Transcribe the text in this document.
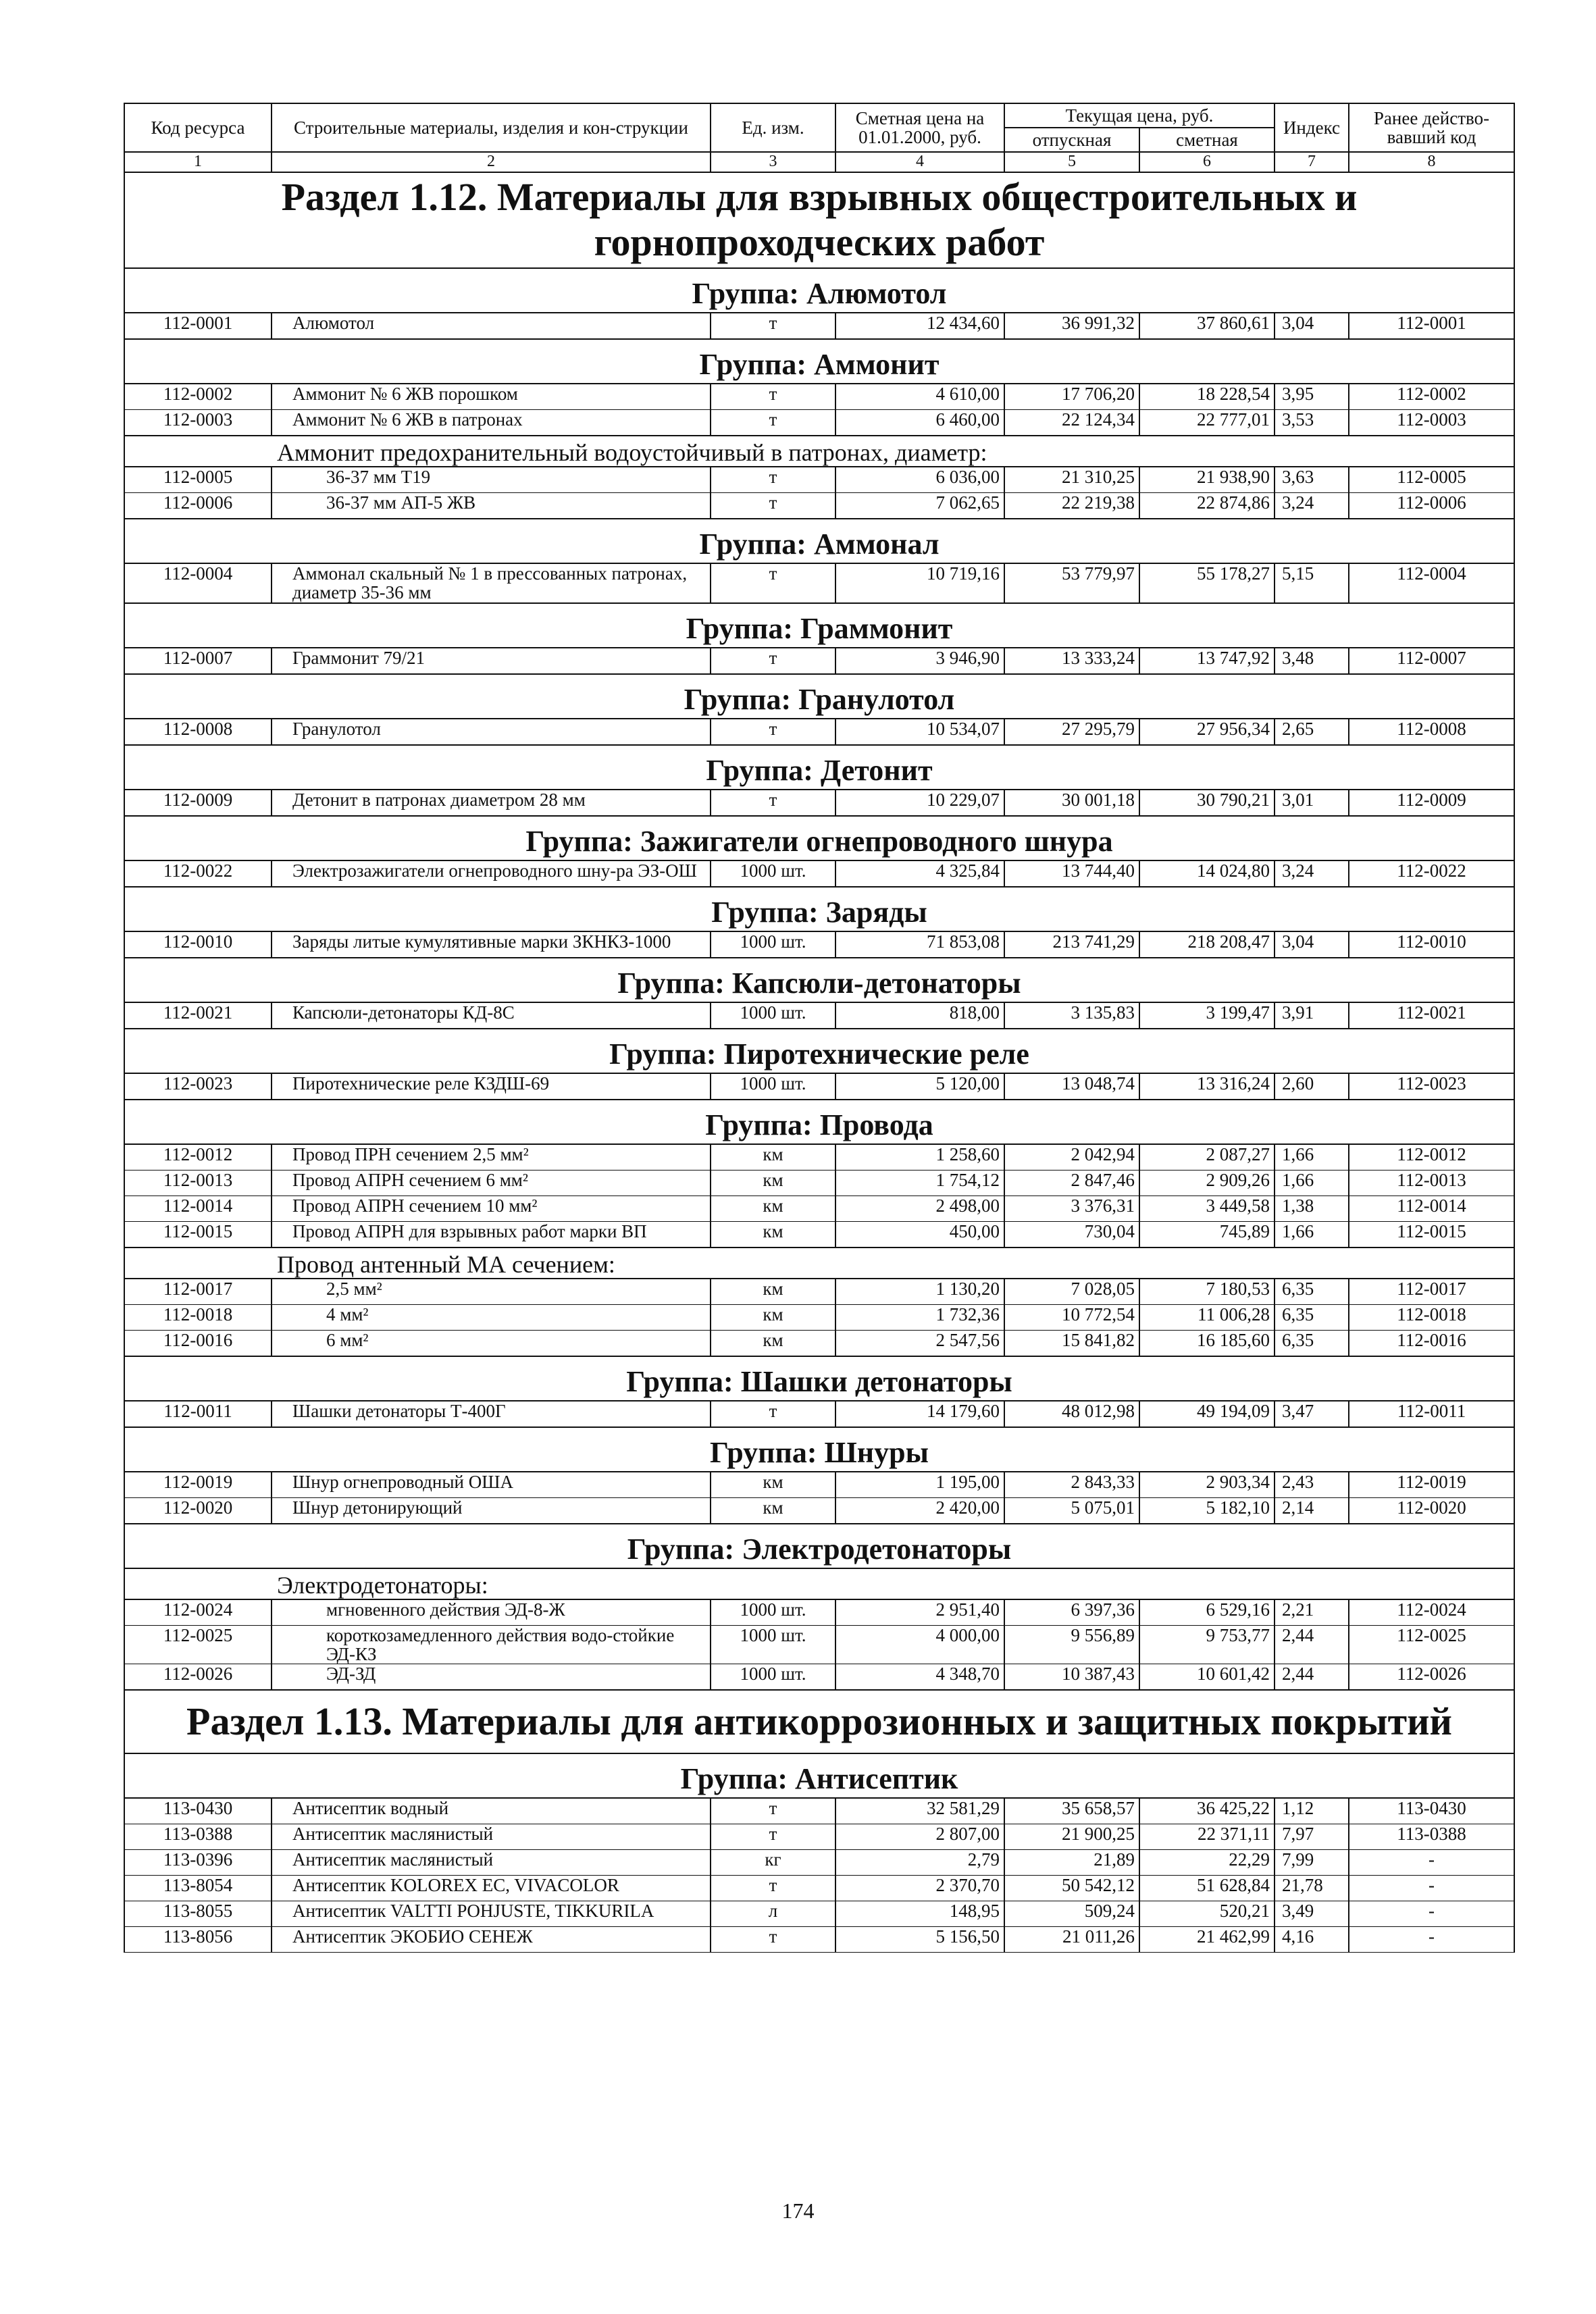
Код ресурса	Строительные материалы, изделия и кон-струкции	Ед. изм.	Сметная цена на 01.01.2000, руб.	Текущая цена, руб.		Индекс	Ранее действо-вавший код
				отпускная	сметная		
1	2	3	4	5	6	7	8
Раздел 1.12. Материалы для взрывных общестроительных и горнопроходческих работ							
Группа: Алюмотол							
112-0001	Алюмотол	т	12 434,60	36 991,32	37 860,61	3,04	112-0001
Группа: Аммонит							
112-0002	Аммонит № 6 ЖВ порошком	т	4 610,00	17 706,20	18 228,54	3,95	112-0002
112-0003	Аммонит № 6 ЖВ в патронах	т	6 460,00	22 124,34	22 777,01	3,53	112-0003
Аммонит предохранительный водоустойчивый в патронах, диаметр:							
112-0005	36-37 мм Т19	т	6 036,00	21 310,25	21 938,90	3,63	112-0005
112-0006	36-37 мм АП-5 ЖВ	т	7 062,65	22 219,38	22 874,86	3,24	112-0006
Группа: Аммонал							
112-0004	Аммонал скальный № 1 в прессованных патронах, диаметр 35-36 мм	т	10 719,16	53 779,97	55 178,27	5,15	112-0004
Группа: Граммонит							
112-0007	Граммонит 79/21	т	3 946,90	13 333,24	13 747,92	3,48	112-0007
Группа: Гранулотол							
112-0008	Гранулотол	т	10 534,07	27 295,79	27 956,34	2,65	112-0008
Группа: Детонит							
112-0009	Детонит в патронах диаметром 28 мм	т	10 229,07	30 001,18	30 790,21	3,01	112-0009
Группа: Зажигатели огнепроводного шнура							
112-0022	Электрозажигатели огнепроводного шну-ра ЭЗ-ОШ	1000 шт.	4 325,84	13 744,40	14 024,80	3,24	112-0022
Группа: Заряды							
112-0010	Заряды литые кумулятивные марки ЗКНКЗ-1000	1000 шт.	71 853,08	213 741,29	218 208,47	3,04	112-0010
Группа: Капсюли-детонаторы							
112-0021	Капсюли-детонаторы КД-8С	1000 шт.	818,00	3 135,83	3 199,47	3,91	112-0021
Группа: Пиротехнические реле							
112-0023	Пиротехнические реле КЗДШ-69	1000 шт.	5 120,00	13 048,74	13 316,24	2,60	112-0023
Группа: Провода							
112-0012	Провод ПРН сечением 2,5 мм²	км	1 258,60	2 042,94	2 087,27	1,66	112-0012
112-0013	Провод АПРН сечением 6 мм²	км	1 754,12	2 847,46	2 909,26	1,66	112-0013
112-0014	Провод АПРН сечением 10 мм²	км	2 498,00	3 376,31	3 449,58	1,38	112-0014
112-0015	Провод АПРН для взрывных работ марки ВП	км	450,00	730,04	745,89	1,66	112-0015
Провод антенный МА сечением:							
112-0017	2,5 мм²	км	1 130,20	7 028,05	7 180,53	6,35	112-0017
112-0018	4 мм²	км	1 732,36	10 772,54	11 006,28	6,35	112-0018
112-0016	6 мм²	км	2 547,56	15 841,82	16 185,60	6,35	112-0016
Группа: Шашки детонаторы							
112-0011	Шашки детонаторы Т-400Г	т	14 179,60	48 012,98	49 194,09	3,47	112-0011
Группа: Шнуры							
112-0019	Шнур огнепроводный ОША	км	1 195,00	2 843,33	2 903,34	2,43	112-0019
112-0020	Шнур детонирующий	км	2 420,00	5 075,01	5 182,10	2,14	112-0020
Группа: Электродетонаторы							
Электродетонаторы:							
112-0024	мгновенного действия ЭД-8-Ж	1000 шт.	2 951,40	6 397,36	6 529,16	2,21	112-0024
112-0025	короткозамедленного действия водо-стойкие ЭД-КЗ	1000 шт.	4 000,00	9 556,89	9 753,77	2,44	112-0025
112-0026	ЭД-ЗД	1000 шт.	4 348,70	10 387,43	10 601,42	2,44	112-0026
Раздел 1.13. Материалы для антикоррозионных и защитных покрытий							
Группа: Антисептик							
113-0430	Антисептик водный	т	32 581,29	35 658,57	36 425,22	1,12	113-0430
113-0388	Антисептик маслянистый	т	2 807,00	21 900,25	22 371,11	7,97	113-0388
113-0396	Антисептик маслянистый	кг	2,79	21,89	22,29	7,99	-
113-8054	Антисептик KOLOREX EC, VIVACOLOR	т	2 370,70	50 542,12	51 628,84	21,78	-
113-8055	Антисептик VALTTI POHJUSTE, TIKKURILA	л	148,95	509,24	520,21	3,49	-
113-8056	Антисептик ЭКОБИО СЕНЕЖ	т	5 156,50	21 011,26	21 462,99	4,16	-
174
